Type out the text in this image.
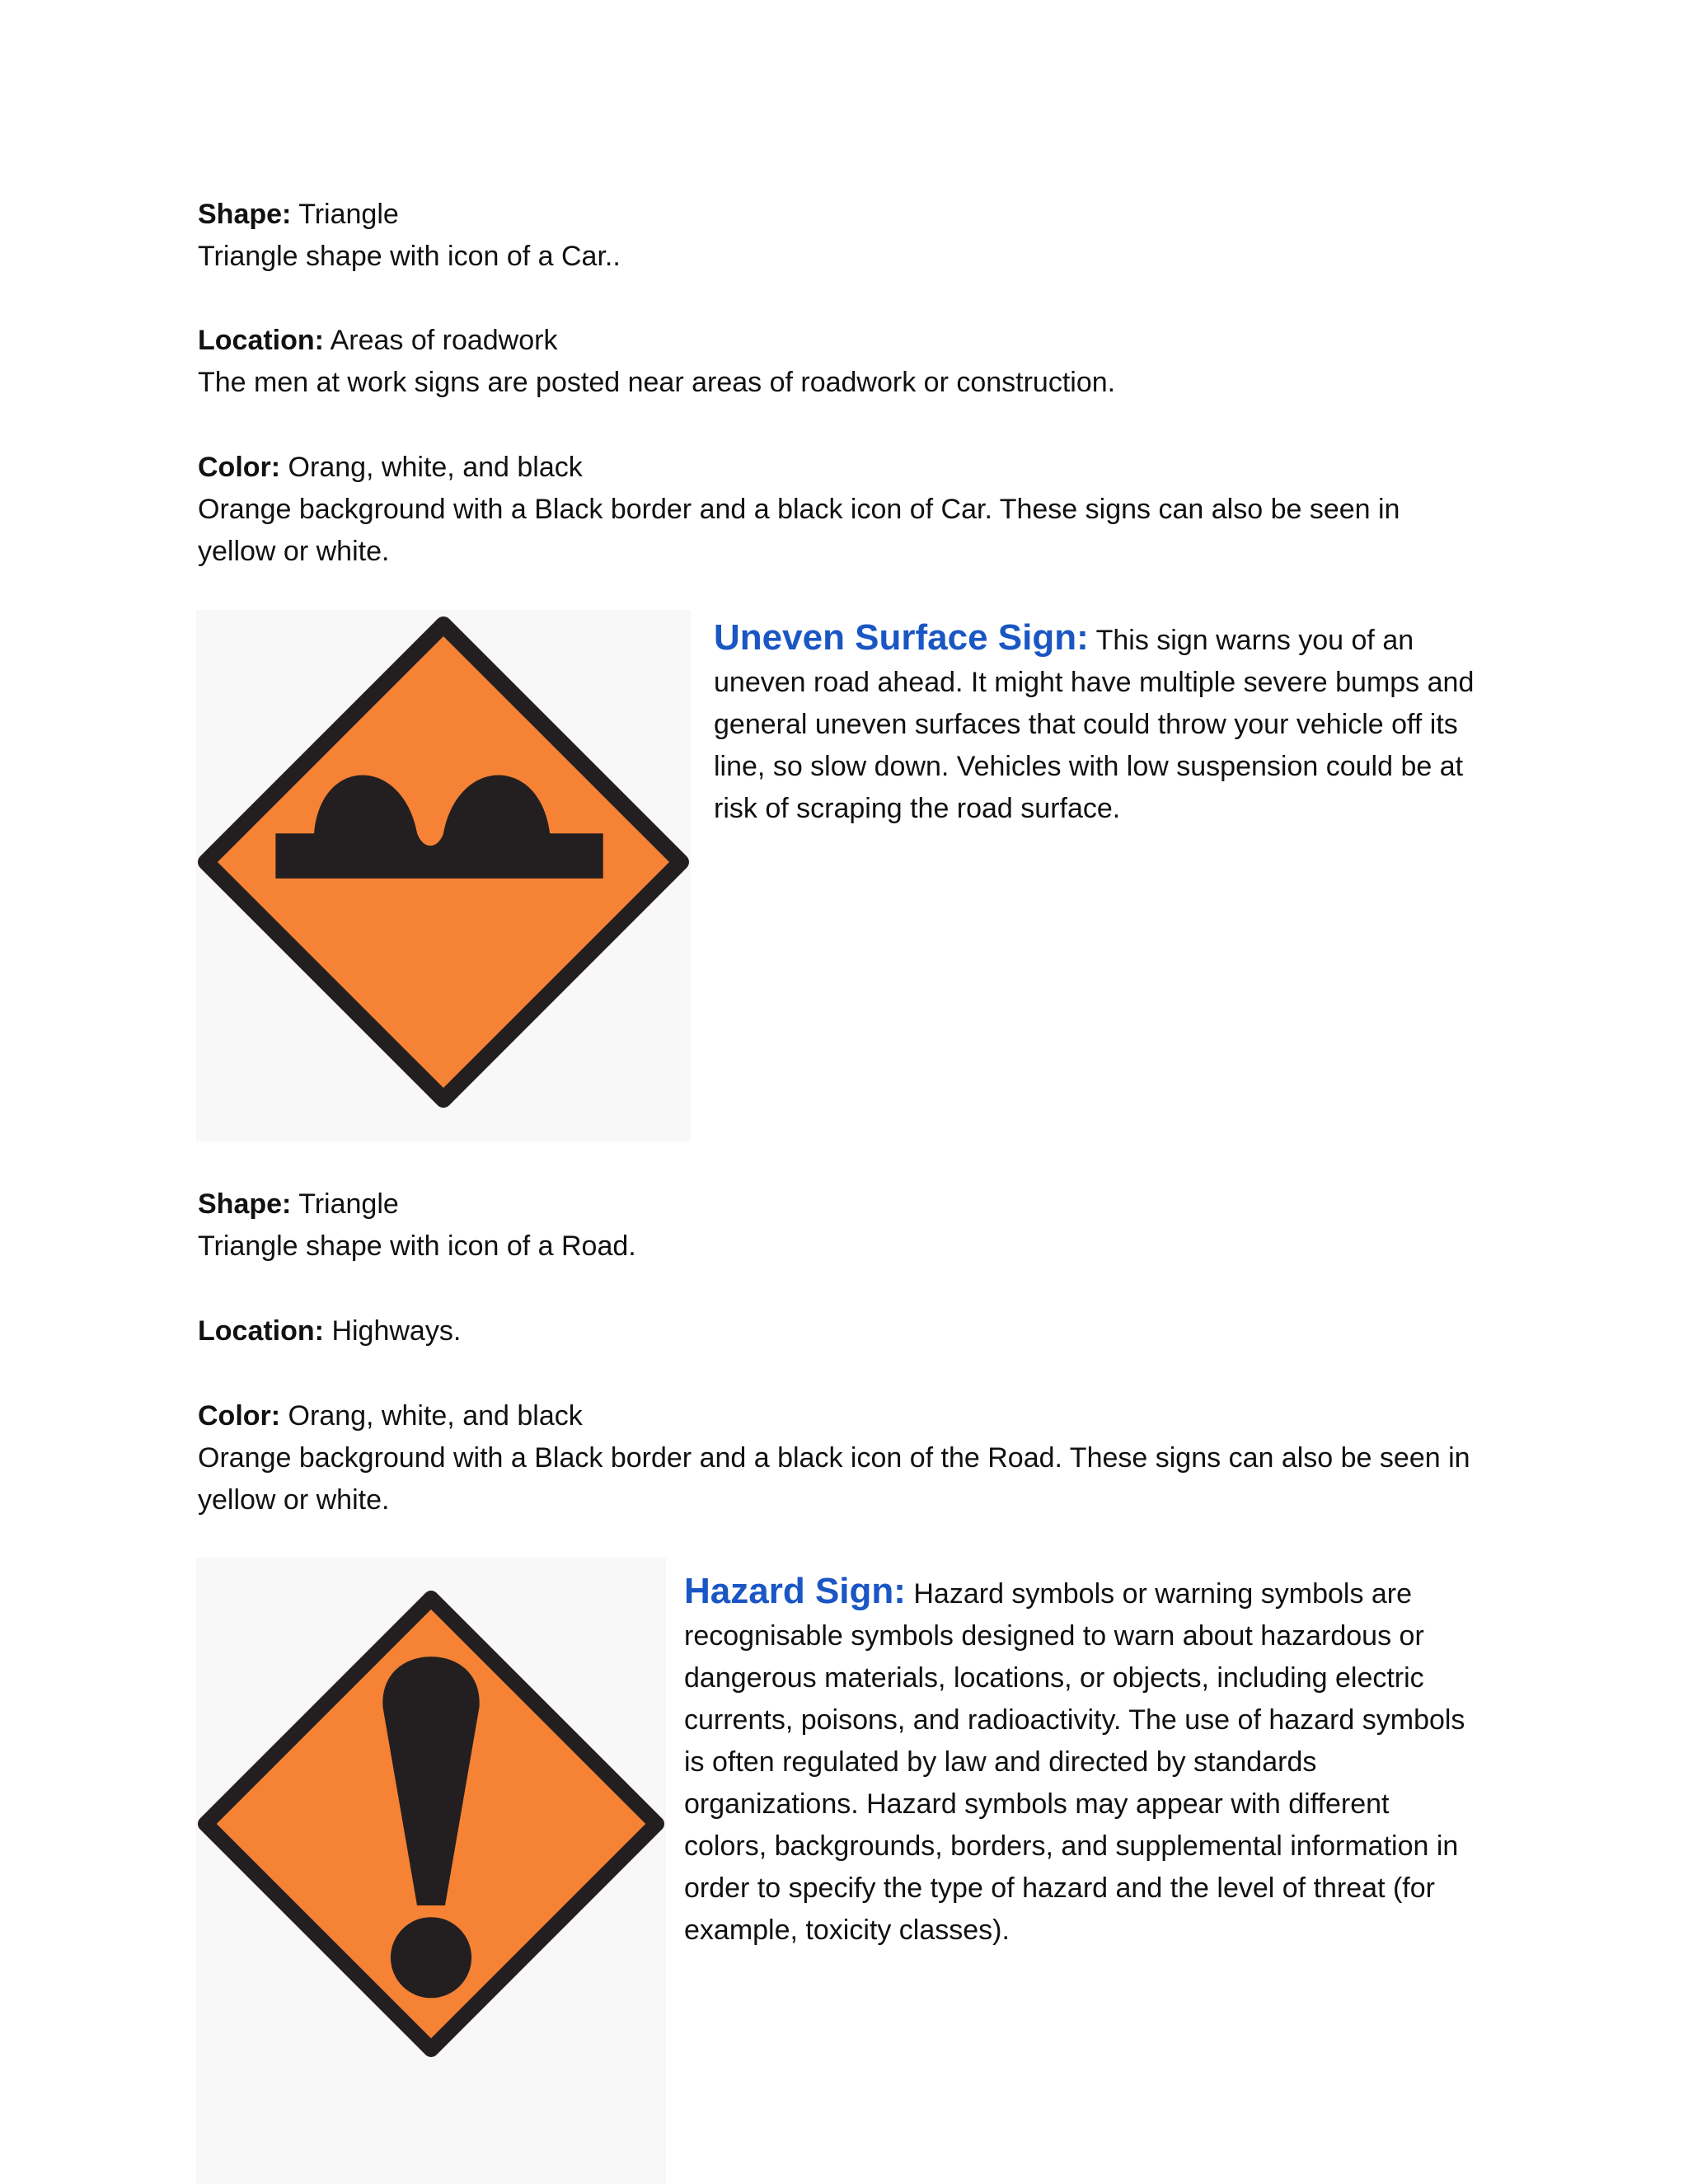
Shape: Triangle

Triangle shape with icon of a Car..

Location: Areas of roadwork

The men at work signs are posted near areas of roadwork or construction.

Color: Orang, white, and black

Orange background with a Black border and a black icon of Car. These signs can also be seen in yellow or white.

Uneven Surface Sign: This sign warns you of an uneven road ahead. It might have multiple severe bumps and general uneven surfaces that could throw your vehicle off its line, so slow down. Vehicles with low suspension could be at risk of scraping the road surface.

Shape: Triangle

Triangle shape with icon of a Road.

Location: Highways.

Color: Orang, white, and black

Orange background with a Black border and a black icon of the Road. These signs can also be seen in yellow or white.

Hazard Sign: Hazard symbols or warning symbols are recognisable symbols designed to warn about hazardous or dangerous materials, locations, or objects, including electric currents, poisons, and radioactivity. The use of hazard symbols is often regulated by law and directed by standards organizations. Hazard symbols may appear with different colors, backgrounds, borders, and supplemental information in order to specify the type of hazard and the level of threat (for example, toxicity classes).
